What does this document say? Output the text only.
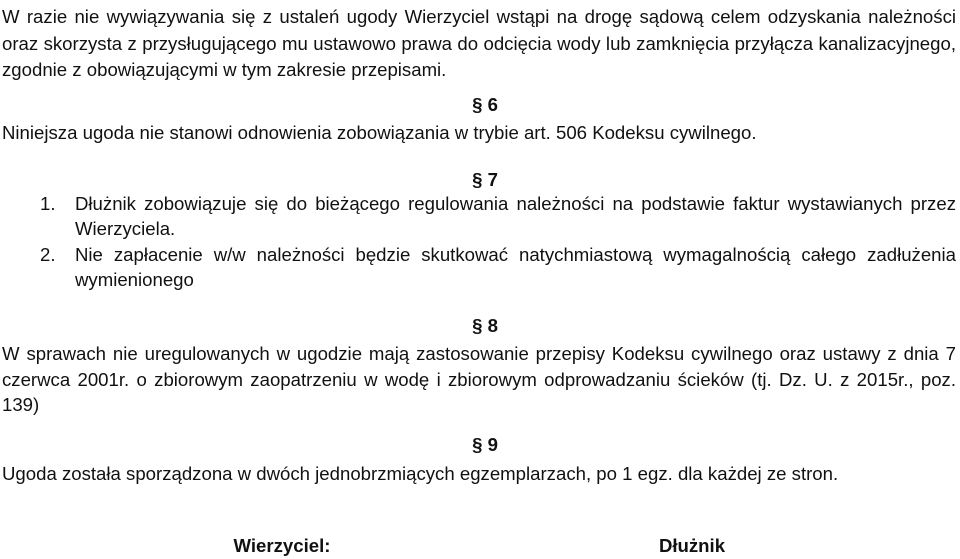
W razie nie wywiązywania się z ustaleń ugody Wierzyciel wstąpi na drogę sądową celem odzyskania należności oraz skorzysta z przysługującego mu ustawowo prawa do odcięcia wody lub zamknięcia przyłącza kanalizacyjnego, zgodnie z obowiązującymi w tym zakresie przepisami.

§ 6

Niniejsza ugoda nie stanowi odnowienia zobowiązania w trybie art. 506 Kodeksu cywilnego.

§ 7
1. Dłużnik zobowiązuje się do bieżącego regulowania należności na podstawie faktur wystawianych przez Wierzyciela.

2. Nie zapłacenie w/w należności będzie skutkować natychmiastową wymagalnością całego zadłużenia wymienionego

§ 8

W sprawach nie uregulowanych w ugodzie mają zastosowanie przepisy Kodeksu cywilnego oraz ustawy z dnia 7 czerwca 2001r. o zbiorowym zaopatrzeniu w wodę i zbiorowym odprowadzaniu ścieków (tj. Dz. U. z 2015r., poz. 139)

§ 9

Ugoda została sporządzona w dwóch jednobrzmiących egzemplarzach, po 1 egz. dla każdej ze stron.

Wierzyciel:	Dłużnik
